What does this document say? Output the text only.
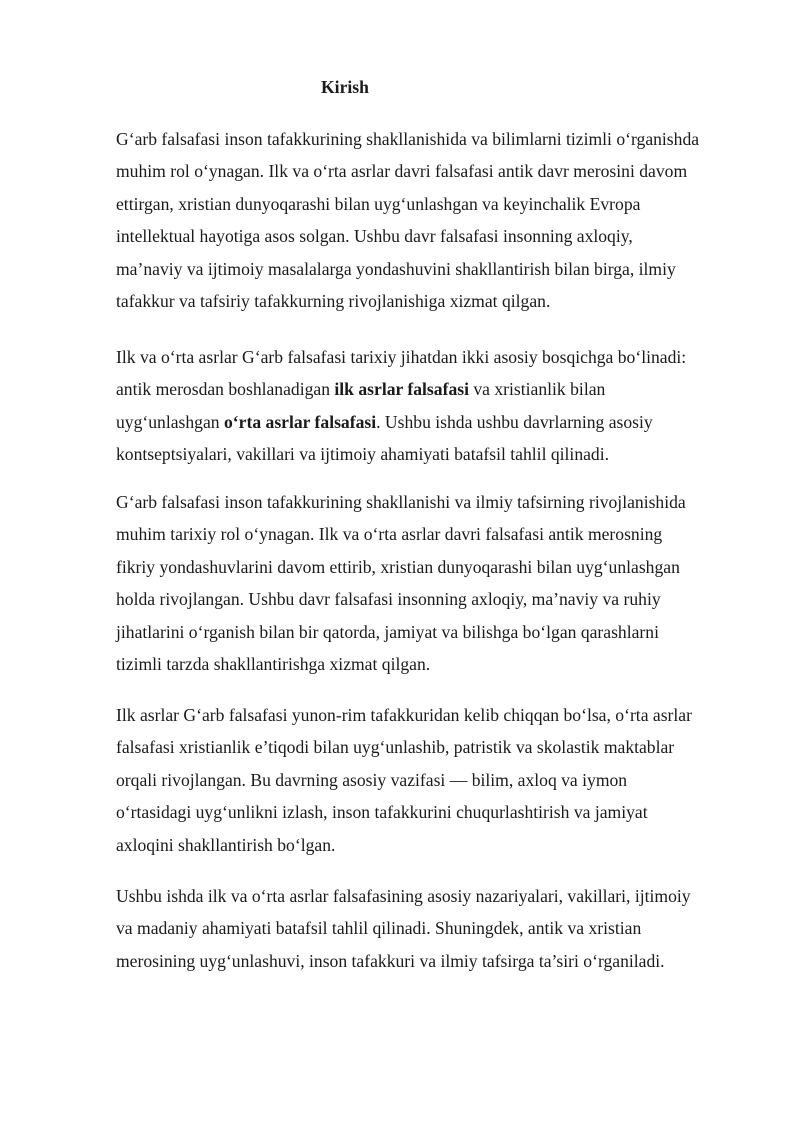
Kirish

G‘arb falsafasi inson tafakkurining shakllanishida va bilimlarni tizimli o‘rganishda
muhim rol o‘ynagan. Ilk va o‘rta asrlar davri falsafasi antik davr merosini davom
ettirgan, xristian dunyoqarashi bilan uyg‘unlashgan va keyinchalik Evropa
intellektual hayotiga asos solgan. Ushbu davr falsafasi insonning axloqiy,
ma’naviy va ijtimoiy masalalarga yondashuvini shakllantirish bilan birga, ilmiy
tafakkur va tafsiriy tafakkurning rivojlanishiga xizmat qilgan.

Ilk va o‘rta asrlar G‘arb falsafasi tarixiy jihatdan ikki asosiy bosqichga bo‘linadi:
antik merosdan boshlanadigan ilk asrlar falsafasi va xristianlik bilan
uyg‘unlashgan o‘rta asrlar falsafasi. Ushbu ishda ushbu davrlarning asosiy
kontseptsiyalari, vakillari va ijtimoiy ahamiyati batafsil tahlil qilinadi.

G‘arb falsafasi inson tafakkurining shakllanishi va ilmiy tafsirning rivojlanishida
muhim tarixiy rol o‘ynagan. Ilk va o‘rta asrlar davri falsafasi antik merosning
fikriy yondashuvlarini davom ettirib, xristian dunyoqarashi bilan uyg‘unlashgan
holda rivojlangan. Ushbu davr falsafasi insonning axloqiy, ma’naviy va ruhiy
jihatlarini o‘rganish bilan bir qatorda, jamiyat va bilishga bo‘lgan qarashlarni
tizimli tarzda shakllantirishga xizmat qilgan.

Ilk asrlar G‘arb falsafasi yunon-rim tafakkuridan kelib chiqqan bo‘lsa, o‘rta asrlar
falsafasi xristianlik e’tiqodi bilan uyg‘unlashib, patristik va skolastik maktablar
orqali rivojlangan. Bu davrning asosiy vazifasi — bilim, axloq va iymon
o‘rtasidagi uyg‘unlikni izlash, inson tafakkurini chuqurlashtirish va jamiyat
axloqini shakllantirish bo‘lgan.

Ushbu ishda ilk va o‘rta asrlar falsafasining asosiy nazariyalari, vakillari, ijtimoiy
va madaniy ahamiyati batafsil tahlil qilinadi. Shuningdek, antik va xristian
merosining uyg‘unlashuvi, inson tafakkuri va ilmiy tafsirga ta’siri o‘rganiladi.
